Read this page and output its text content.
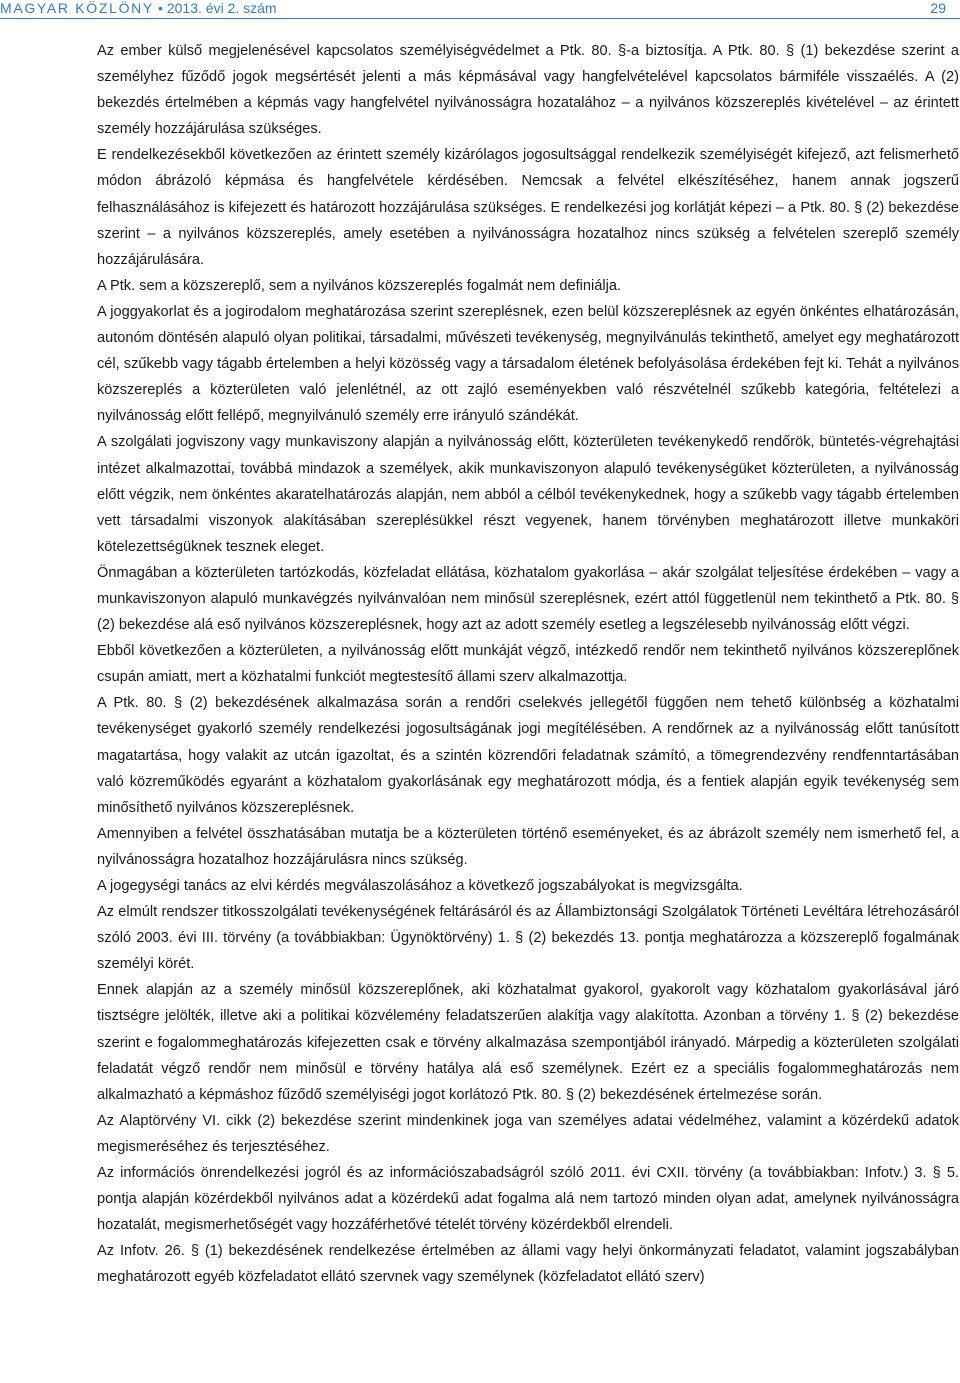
MAGYAR KÖZLÖNY • 2013. évi 2. szám	29

Az ember külső megjelenésével kapcsolatos személyiségvédelmet a Ptk. 80. §-a biztosítja. A Ptk. 80. § (1) bekezdése szerint a személyhez fűződő jogok megsértését jelenti a más képmásával vagy hangfelvételével kapcsolatos bármiféle visszaélés. A (2) bekezdés értelmében a képmás vagy hangfelvétel nyilvánosságra hozatalához – a nyilvános közszereplés kivételével – az érintett személy hozzájárulása szükséges.

E rendelkezésekből következően az érintett személy kizárólagos jogosultsággal rendelkezik személyiségét kifejező, azt felismerhető módon ábrázoló képmása és hangfelvétele kérdésében. Nemcsak a felvétel elkészítéséhez, hanem annak jogszerű felhasználásához is kifejezett és határozott hozzájárulása szükséges. E rendelkezési jog korlátját képezi – a Ptk. 80. § (2) bekezdése szerint – a nyilvános közszereplés, amely esetében a nyilvánosságra hozatalhoz nincs szükség a felvételen szereplő személy hozzájárulására.

A Ptk. sem a közszereplő, sem a nyilvános közszereplés fogalmát nem definiálja.

A joggyakorlat és a jogirodalom meghatározása szerint szereplésnek, ezen belül közszereplésnek az egyén önkéntes elhatározásán, autonóm döntésén alapuló olyan politikai, társadalmi, művészeti tevékenység, megnyilvánulás tekinthető, amelyet egy meghatározott cél, szűkebb vagy tágabb értelemben a helyi közösség vagy a társadalom életének befolyásolása érdekében fejt ki. Tehát a nyilvános közszereplés a közterületen való jelenlétnél, az ott zajló eseményekben való részvételnél szűkebb kategória, feltételezi a nyilvánosság előtt fellépő, megnyilvánuló személy erre irányuló szándékát.

A szolgálati jogviszony vagy munkaviszony alapján a nyilvánosság előtt, közterületen tevékenykedő rendőrök, büntetés-végrehajtási intézet alkalmazottai, továbbá mindazok a személyek, akik munkaviszonyon alapuló tevékenységüket közterületen, a nyilvánosság előtt végzik, nem önkéntes akaratelhatározás alapján, nem abból a célból tevékenykednek, hogy a szűkebb vagy tágabb értelemben vett társadalmi viszonyok alakításában szereplésükkel részt vegyenek, hanem törvényben meghatározott illetve munkaköri kötelezettségüknek tesznek eleget.

Önmagában a közterületen tartózkodás, közfeladat ellátása, közhatalom gyakorlása – akár szolgálat teljesítése érdekében – vagy a munkaviszonyon alapuló munkavégzés nyilvánvalóan nem minősül szereplésnek, ezért attól függetlenül nem tekinthető a Ptk. 80. § (2) bekezdése alá eső nyilvános közszereplésnek, hogy azt az adott személy esetleg a legszélesebb nyilvánosság előtt végzi.

Ebből következően a közterületen, a nyilvánosság előtt munkáját végző, intézkedő rendőr nem tekinthető nyilvános közszereplőnek csupán amiatt, mert a közhatalmi funkciót megtestesítő állami szerv alkalmazottja.

A Ptk. 80. § (2) bekezdésének alkalmazása során a rendőri cselekvés jellegétől függően nem tehető különbség a közhatalmi tevékenységet gyakorló személy rendelkezési jogosultságának jogi megítélésében. A rendőrnek az a nyilvánosság előtt tanúsított magatartása, hogy valakit az utcán igazoltat, és a szintén közrendőri feladatnak számító, a tömegrendezvény rendfenntartásában való közreműködés egyaránt a közhatalom gyakorlásának egy meghatározott módja, és a fentiek alapján egyik tevékenység sem minősíthető nyilvános közszereplésnek.

Amennyiben a felvétel összhatásában mutatja be a közterületen történő eseményeket, és az ábrázolt személy nem ismerhető fel, a nyilvánosságra hozatalhoz hozzájárulásra nincs szükség.

A jogegységi tanács az elvi kérdés megválaszolásához a következő jogszabályokat is megvizsgálta.

Az elmúlt rendszer titkosszolgálati tevékenységének feltárásáról és az Állambiztonsági Szolgálatok Történeti Levéltára létrehozásáról szóló 2003. évi III. törvény (a továbbiakban: Ügynöktörvény) 1. § (2) bekezdés 13. pontja meghatározza a közszereplő fogalmának személyi körét.

Ennek alapján az a személy minősül közszereplőnek, aki közhatalmat gyakorol, gyakorolt vagy közhatalom gyakorlásával járó tisztségre jelölték, illetve aki a politikai közvélemény feladatszerűen alakítja vagy alakította. Azonban a törvény 1. § (2) bekezdése szerint e fogalommeghatározás kifejezetten csak e törvény alkalmazása szempontjából irányadó. Márpedig a közterületen szolgálati feladatát végző rendőr nem minősül e törvény hatálya alá eső személynek. Ezért ez a speciális fogalommeghatározás nem alkalmazható a képmáshoz fűződő személyiségi jogot korlátozó Ptk. 80. § (2) bekezdésének értelmezése során.

Az Alaptörvény VI. cikk (2) bekezdése szerint mindenkinek joga van személyes adatai védelméhez, valamint a közérdekű adatok megismeréséhez és terjesztéséhez.

Az információs önrendelkezési jogról és az információszabadságról szóló 2011. évi CXII. törvény (a továbbiakban: Infotv.) 3. § 5. pontja alapján közérdekből nyilvános adat a közérdekű adat fogalma alá nem tartozó minden olyan adat, amelynek nyilvánosságra hozatalát, megismerhetőségét vagy hozzáférhetővé tételét törvény közérdekből elrendeli.

Az Infotv. 26. § (1) bekezdésének rendelkezése értelmében az állami vagy helyi önkormányzati feladatot, valamint jogszabályban meghatározott egyéb közfeladatot ellátó szervnek vagy személynek (közfeladatot ellátó szerv)
